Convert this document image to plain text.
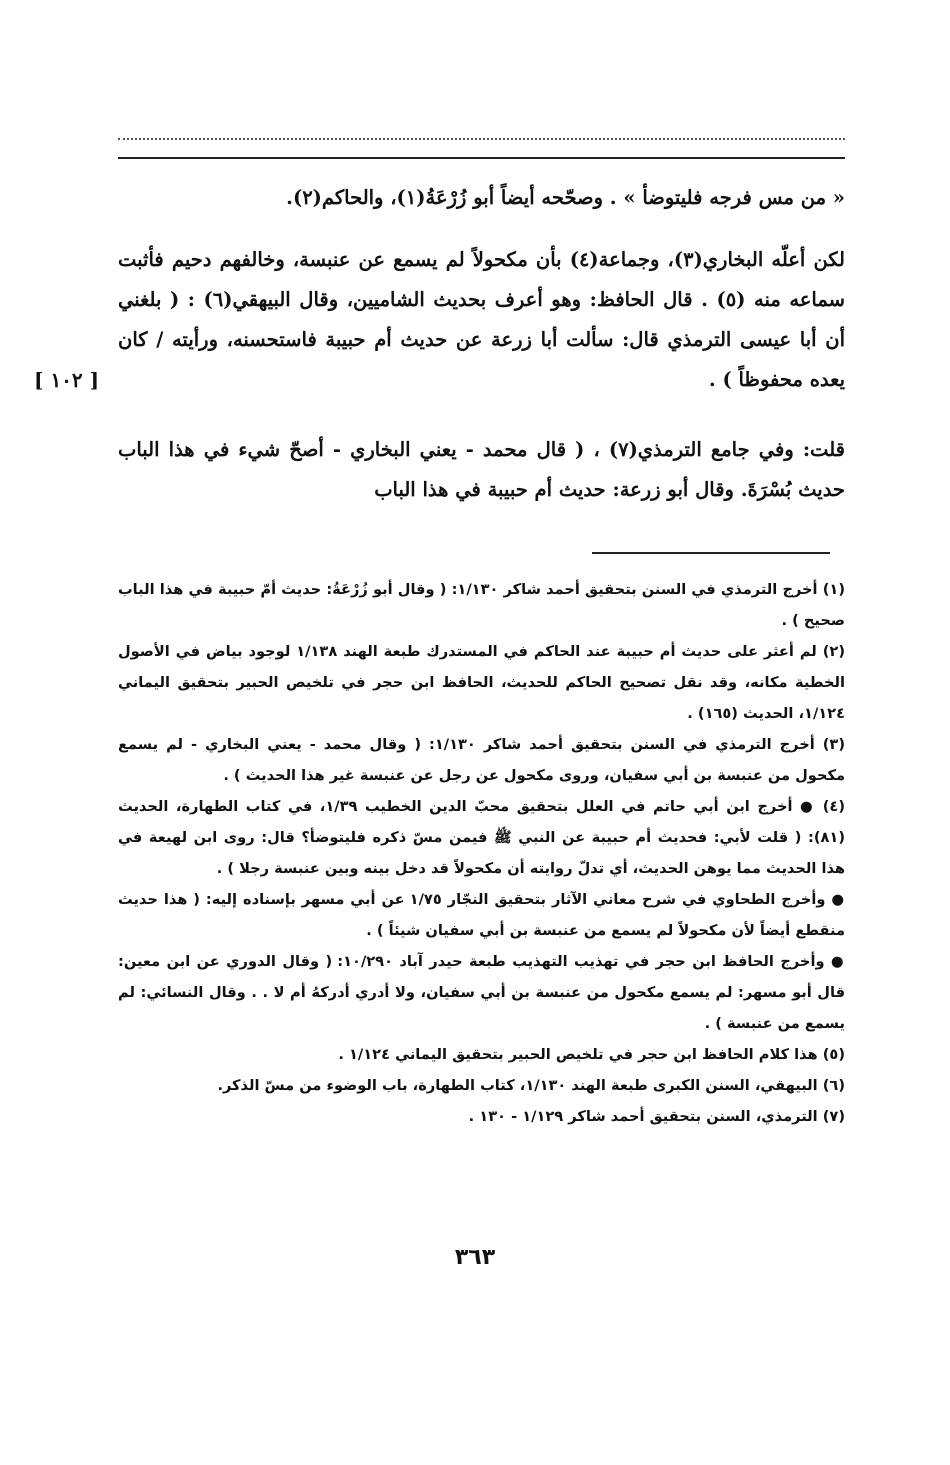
« من مس فرجه فليتوضأ » . وصحّحه أيضاً أبو زُرْعَةُ(١)، والحاكم(٢).

لكن أعلّه البخاري(٣)، وجماعة(٤) بأن مكحولاً لم يسمع عن عنبسة، وخالفهم دحيم فأثبت سماعه منه (٥) . قال الحافظ: وهو أعرف بحديث الشاميين، وقال البيهقي(٦) : ( بلغني أن أبا عيسى الترمذي قال: سألت أبا زرعة عن حديث أم حبيبة فاستحسنه، ورأيته / كان يعده محفوظاً ) .

قلت: وفي جامع الترمذي(٧) ، ( قال محمد - يعني البخاري - أصحّ شيء في هذا الباب حديث بُسْرَةَ. وقال أبو زرعة: حديث أم حبيبة في هذا الباب

[ ١٠٢ ]

(١) أخرج الترمذي في السنن بتحقيق أحمد شاكر ١/١٣٠: ( وقال أبو زُرْعَةُ: حديث أمّ حبيبة في هذا الباب صحيح ) .

(٢) لم أعثر على حديث أم حبيبة عند الحاكم في المستدرك طبعة الهند ١/١٣٨ لوجود بياض في الأصول الخطية مكانه، وقد نقل تصحيح الحاكم للحديث، الحافظ ابن حجر في تلخيص الحبير بتحقيق اليماني ١/١٢٤، الحديث (١٦٥) .

(٣) أخرج الترمذي في السنن بتحقيق أحمد شاكر ١/١٣٠: ( وقال محمد - يعني البخاري - لم يسمع مكحول من عنبسة بن أبي سفيان، وروى مكحول عن رجل عن عنبسة غير هذا الحديث ) .

(٤) ● أخرج ابن أبي حاتم في العلل بتحقيق محبّ الدين الخطيب ١/٣٩، في كتاب الطهارة، الحديث (٨١): ( قلت لأبي: فحديث أم حبيبة عن النبي ﷺ فيمن مسّ ذكره فليتوضأ؟ قال: روى ابن لهيعة في هذا الحديث مما يوهن الحديث، أي تدلّ روايته أن مكحولاً قد دخل بينه وبين عنبسة رجلا ) .

● وأخرج الطحاوي في شرح معاني الآثار بتحقيق النجّار ١/٧٥ عن أبي مسهر بإسناده إليه: ( هذا حديث منقطع أيضاً لأن مكحولاً لم يسمع من عنبسة بن أبي سفيان شيئاً ) .

● وأخرج الحافظ ابن حجر في تهذيب التهذيب طبعة حيدر آباد ١٠/٢٩٠: ( وقال الدوري عن ابن معين: قال أبو مسهر: لم يسمع مكحول من عنبسة بن أبي سفيان، ولا أدري أدركهُ أم لا . . وقال النسائي: لم يسمع من عنبسة ) .

(٥) هذا كلام الحافظ ابن حجر في تلخيص الحبير بتحقيق اليماني ١/١٢٤ .

(٦) البيهقي، السنن الكبرى طبعة الهند ١/١٣٠، كتاب الطهارة، باب الوضوء من مسّ الذكر.

(٧) الترمذي، السنن بتحقيق أحمد شاكر ١/١٢٩ - ١٣٠ .

٣٦٣
